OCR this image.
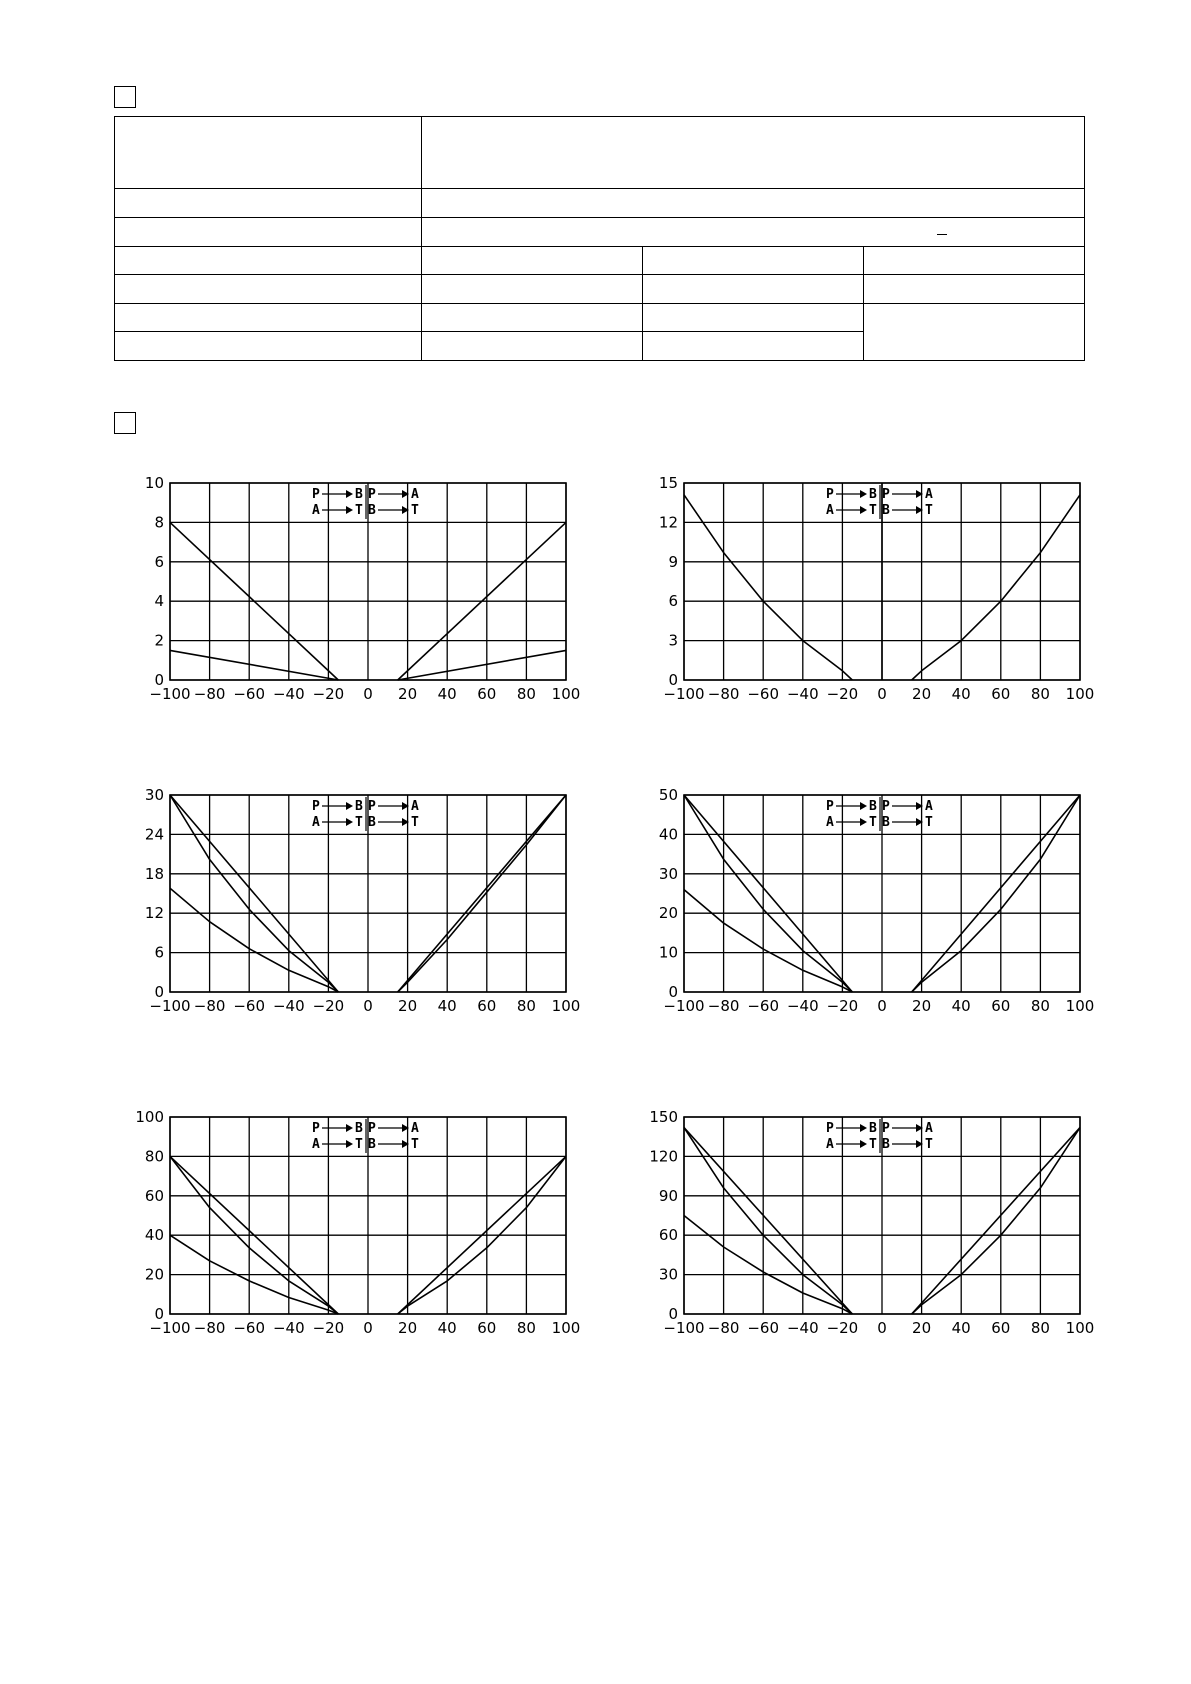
−100 −80 −60 −40 −20 0 20 40 60 80 100
0
2
4
6
8
10
P	B P	A
A	T B	T
−100 −80 −60 −40 −20 0 20 40 60 80 100
0
3
6
9
12
15
P	B P	A
A	T B	T
−100 −80 −60 −40 −20 0 20 40 60 80 100
0
6
12
18
24
30
P	B P	A
A	T B	T
−100 −80 −60 −40 −20 0 20 40 60 80 100
0
10
20
30
40
50
P	B P	A
A	T B	T
−100 −80 −60 −40 −20 0 20 40 60 80 100
0
20
40
60
80
100
P	B P	A
A	T B	T
−100 −80 −60 −40 −20 0 20 40 60 80 100
0
30
60
90
120
150
P	B P	A
A	T B	T
